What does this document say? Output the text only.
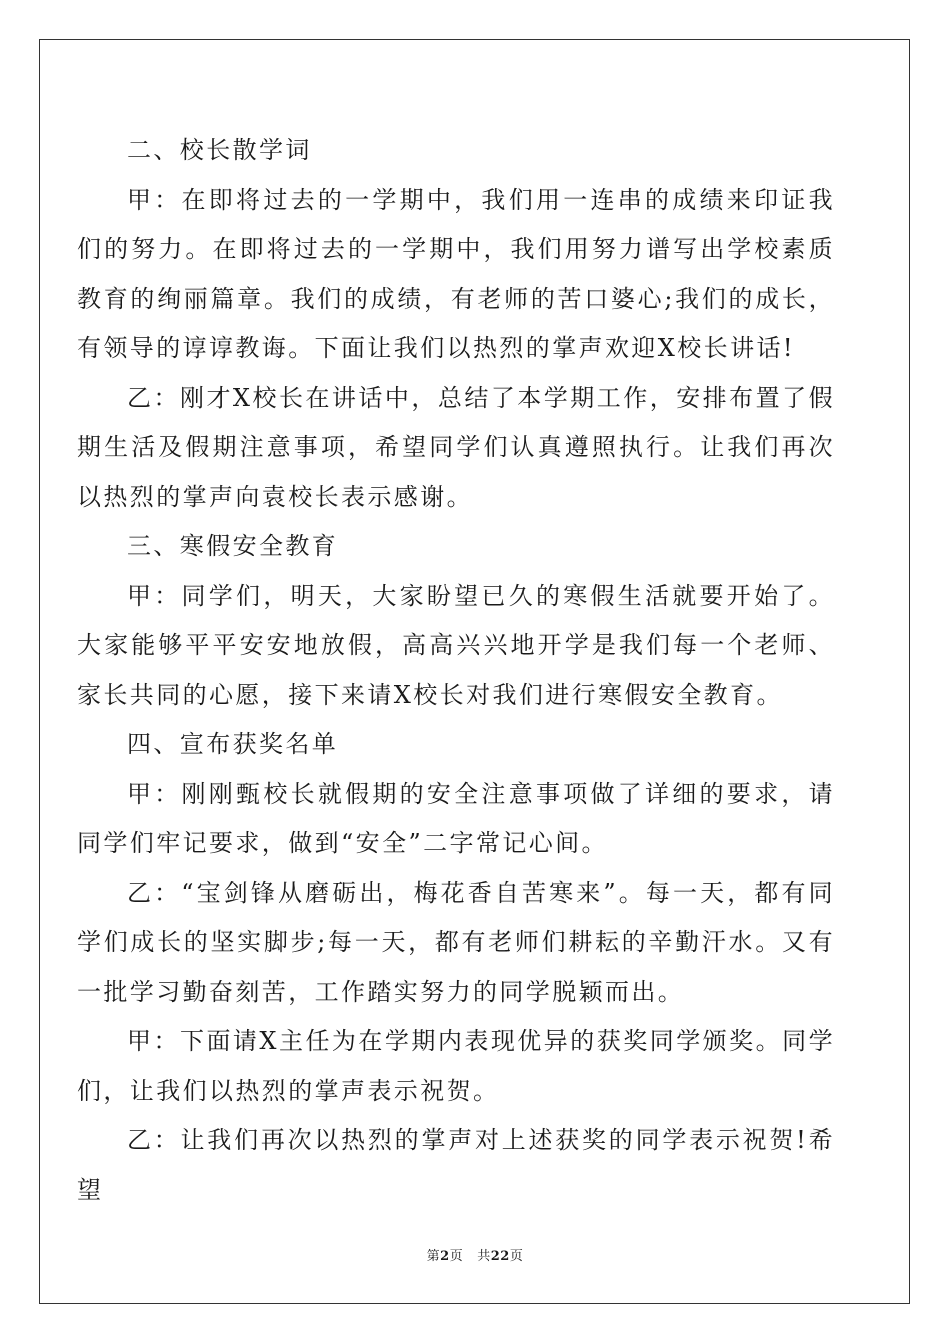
二、校长散学词

甲：在即将过去的一学期中，我们用一连串的成绩来印证我们的努力。在即将过去的一学期中，我们用努力谱写出学校素质教育的绚丽篇章。我们的成绩，有老师的苦口婆心;我们的成长，有领导的谆谆教诲。下面让我们以热烈的掌声欢迎X校长讲话!

乙：刚才X校长在讲话中，总结了本学期工作，安排布置了假期生活及假期注意事项，希望同学们认真遵照执行。让我们再次以热烈的掌声向袁校长表示感谢。

三、寒假安全教育

甲：同学们，明天，大家盼望已久的寒假生活就要开始了。大家能够平平安安地放假，高高兴兴地开学是我们每一个老师、家长共同的心愿，接下来请X校长对我们进行寒假安全教育。

四、宣布获奖名单

甲：刚刚甄校长就假期的安全注意事项做了详细的要求，请同学们牢记要求，做到“安全”二字常记心间。

乙：“宝剑锋从磨砺出，梅花香自苦寒来”。每一天，都有同学们成长的坚实脚步;每一天，都有老师们耕耘的辛勤汗水。又有一批学习勤奋刻苦，工作踏实努力的同学脱颖而出。

甲：下面请X主任为在学期内表现优异的获奖同学颁奖。同学们，让我们以热烈的掌声表示祝贺。

乙：让我们再次以热烈的掌声对上述获奖的同学表示祝贺!希望

第2页 共22页
